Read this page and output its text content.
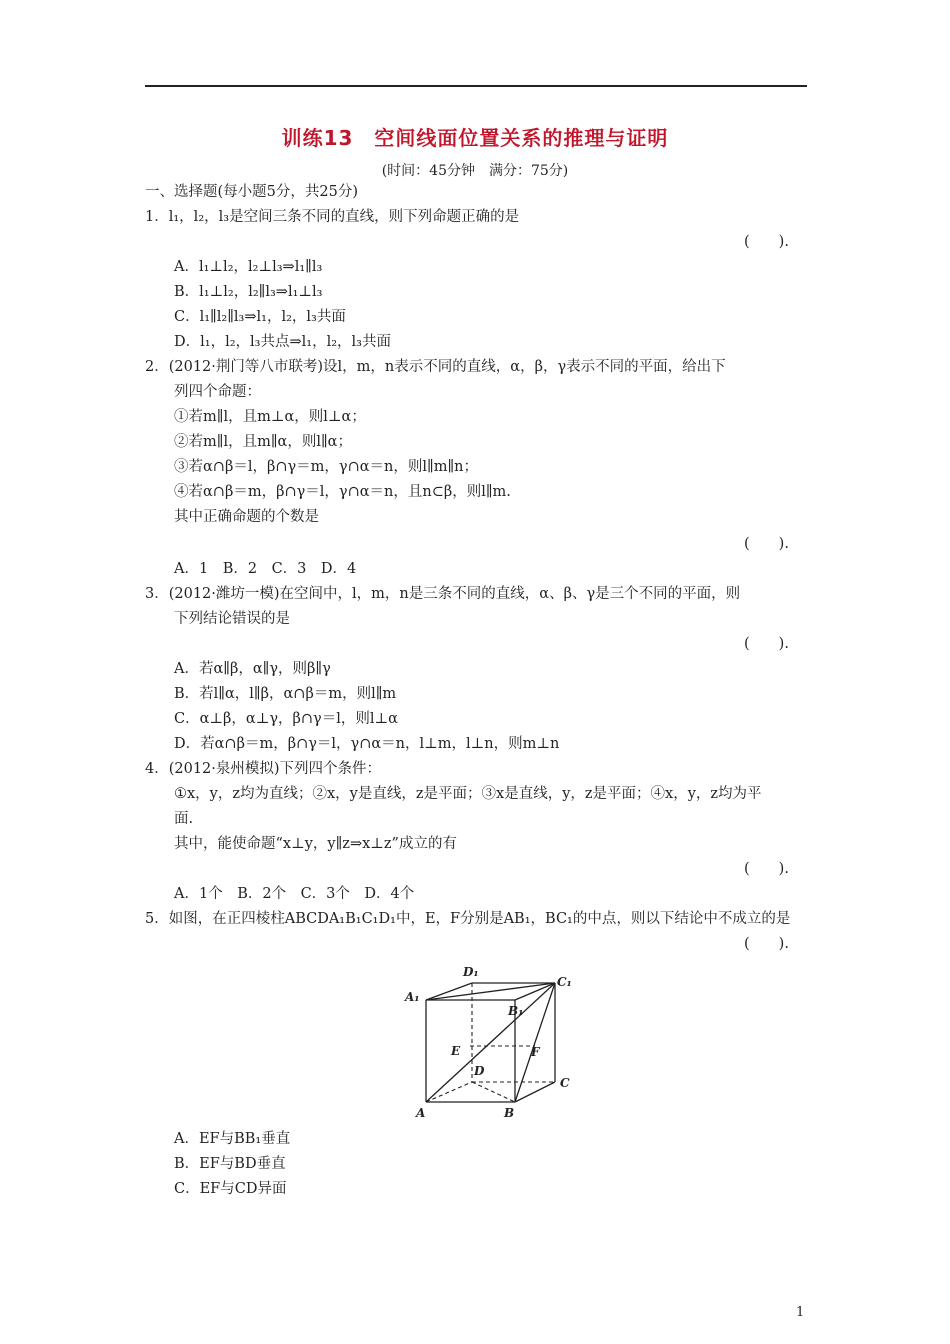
训练13　空间线面位置关系的推理与证明
(时间：45分钟　满分：75分)
一、选择题(每小题5分，共25分)
1．l₁，l₂，l₃是空间三条不同的直线，则下列命题正确的是
(　　).
A．l₁⊥l₂，l₂⊥l₃⇒l₁∥l₃
B．l₁⊥l₂，l₂∥l₃⇒l₁⊥l₃
C．l₁∥l₂∥l₃⇒l₁，l₂，l₃共面
D．l₁，l₂，l₃共点⇒l₁，l₂，l₃共面
2．(2012·荆门等八市联考)设l，m，n表示不同的直线，α，β，γ表示不同的平面，给出下
列四个命题：
①若m∥l，且m⊥α，则l⊥α；
②若m∥l，且m∥α，则l∥α；
③若α∩β＝l，β∩γ＝m，γ∩α＝n，则l∥m∥n；
④若α∩β＝m，β∩γ＝l，γ∩α＝n，且n⊂β，则l∥m.
其中正确命题的个数是
(　　).
A．1　B．2　C．3　D．4
3．(2012·潍坊一模)在空间中，l，m，n是三条不同的直线，α、β、γ是三个不同的平面，则
下列结论错误的是
(　　).
A．若α∥β，α∥γ，则β∥γ
B．若l∥α，l∥β，α∩β＝m，则l∥m
C．α⊥β，α⊥γ，β∩γ＝l，则l⊥α
D．若α∩β＝m，β∩γ＝l，γ∩α＝n，l⊥m，l⊥n，则m⊥n
4．(2012·泉州模拟)下列四个条件：
①x，y，z均为直线；②x，y是直线，z是平面；③x是直线，y，z是平面；④x，y，z均为平
面.
其中，能使命题“x⊥y，y∥z⇒x⊥z”成立的有
(　　).
A．1个　B．2个　C．3个　D．4个
5．如图，在正四棱柱ABCDA₁B₁C₁D₁中，E，F分别是AB₁，BC₁的中点，则以下结论中不成立的是
(　　).
D₁
C₁
A₁
B₁
E	F
D
C
A	B
A．EF与BB₁垂直
B．EF与BD垂直
C．EF与CD异面
1
